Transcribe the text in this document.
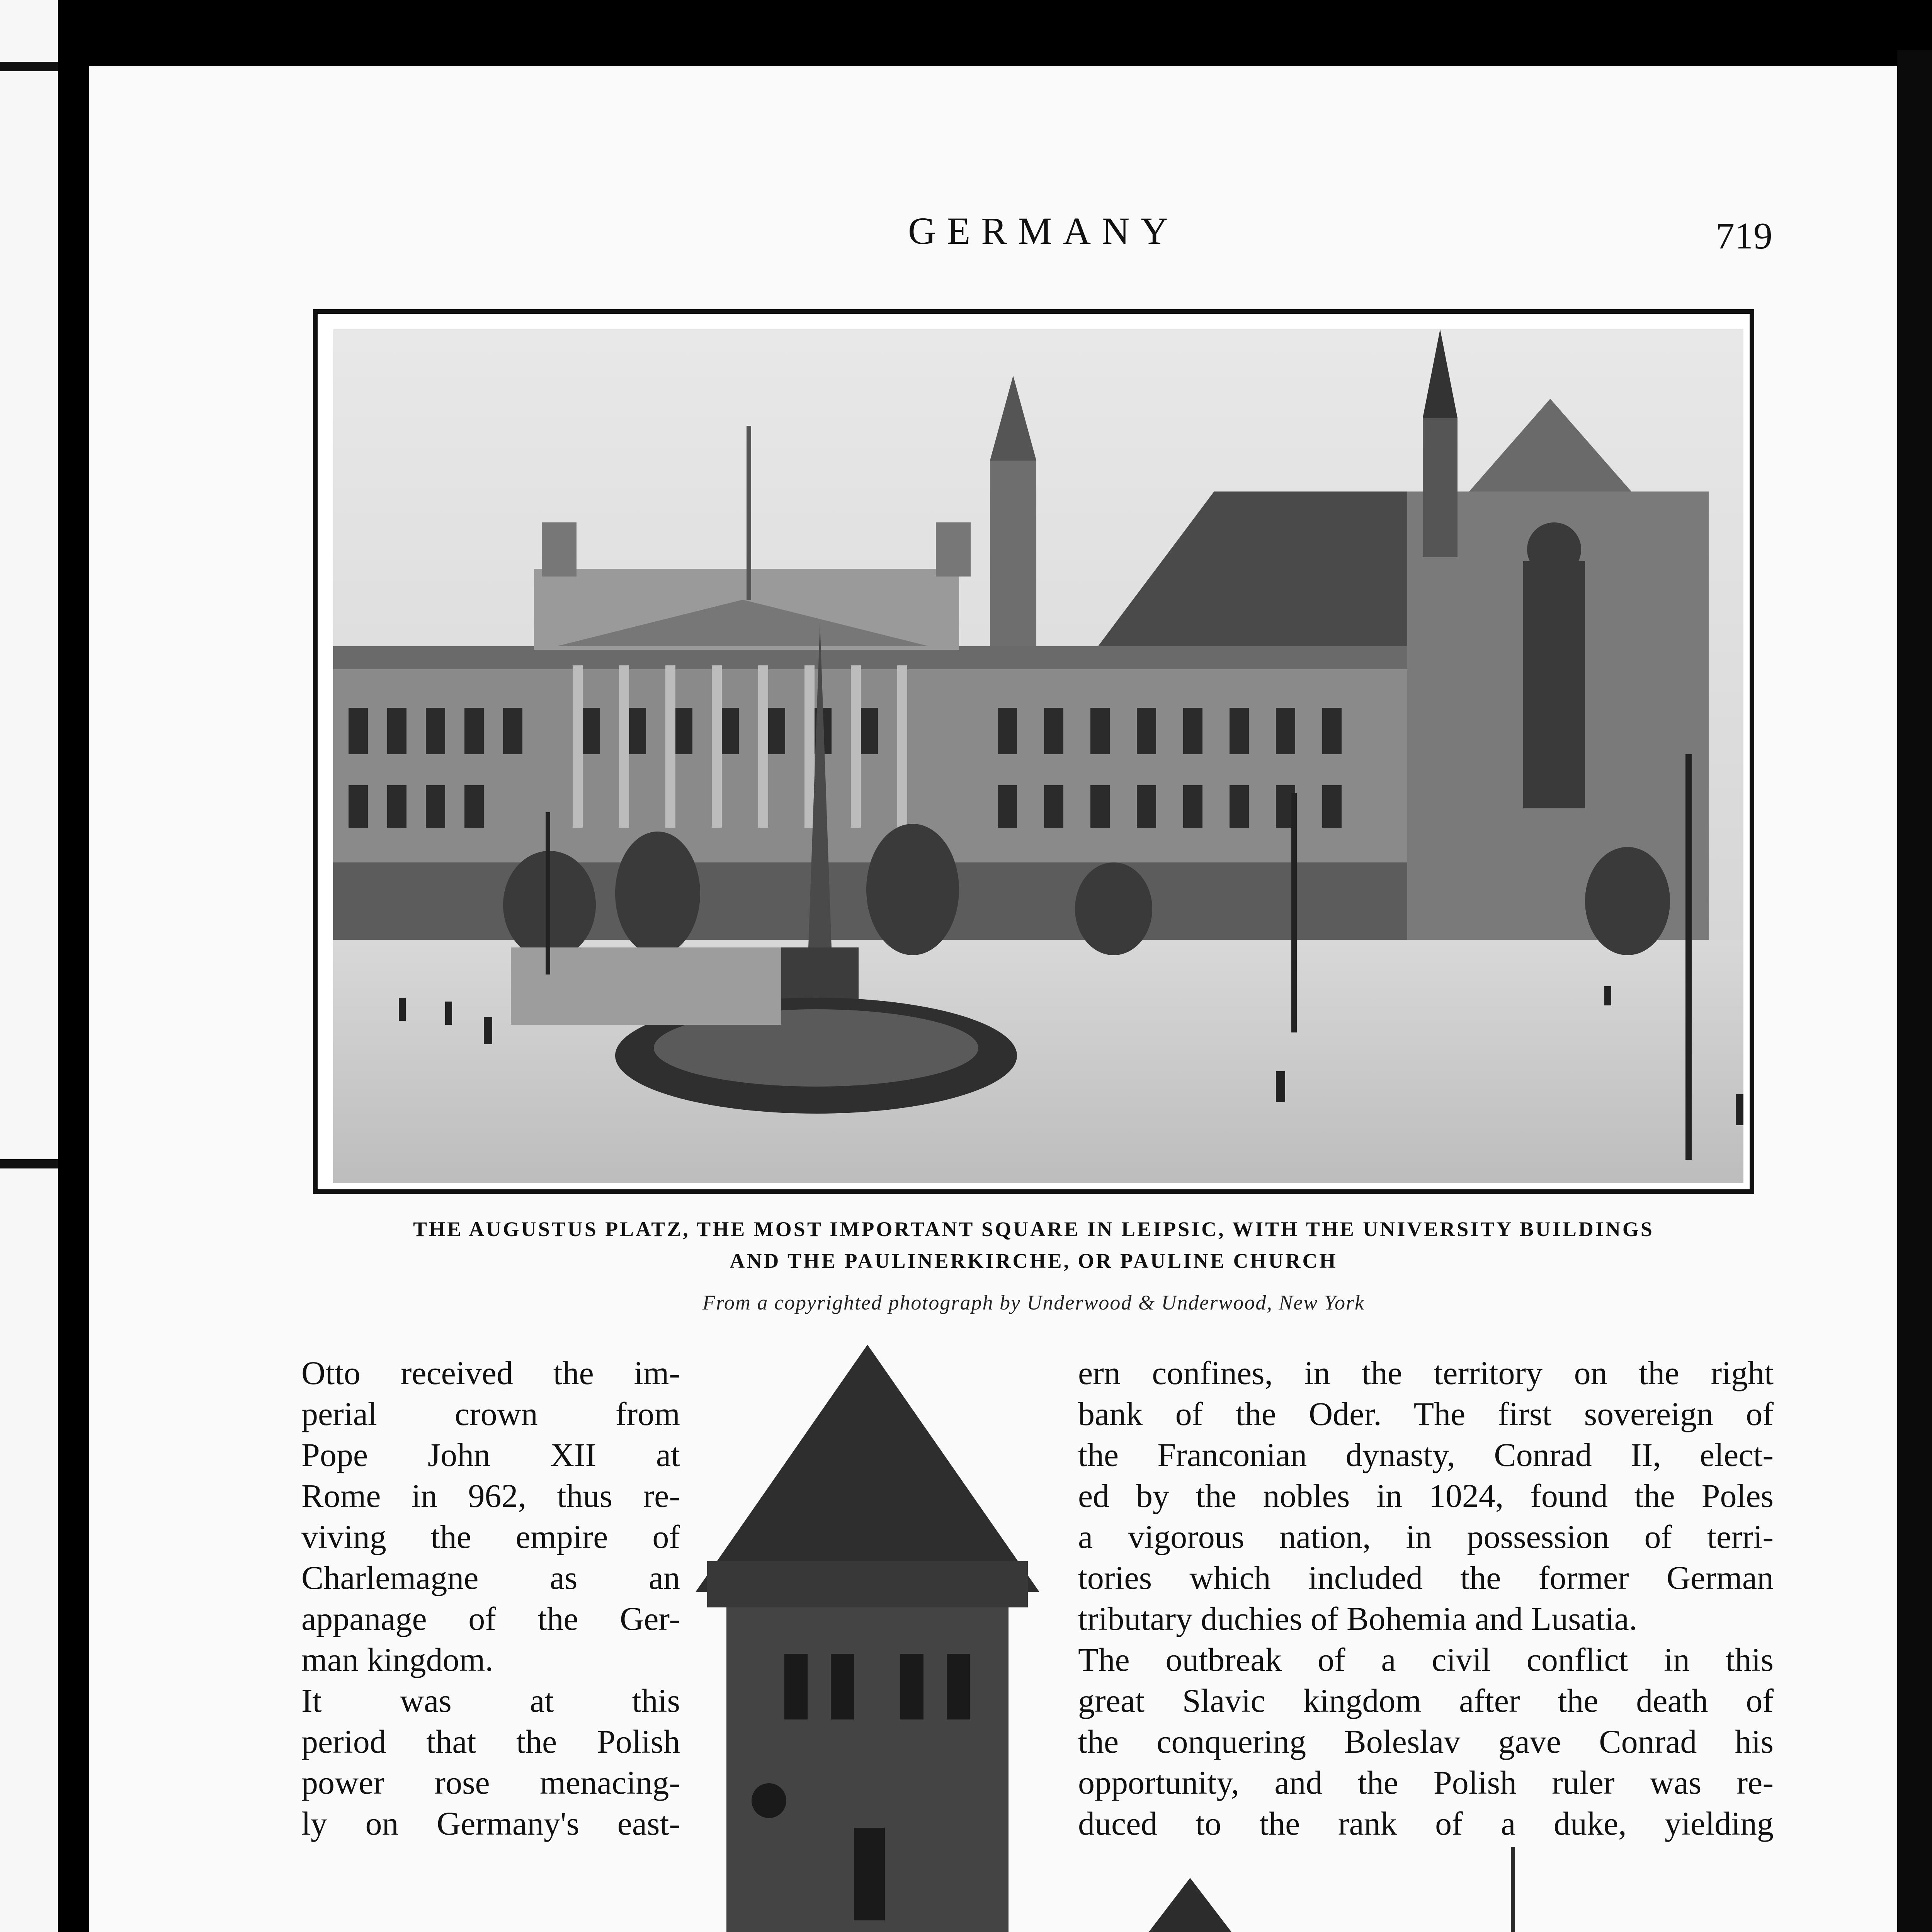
GERMANY	719
THE AUGUSTUS PLATZ, THE MOST IMPORTANT SQUARE IN LEIPSIC, WITH THE UNIVERSITY BUILDINGS
AND THE PAULINERKIRCHE, OR PAULINE CHURCH
From a copyrighted photograph by Underwood & Underwood, New York
Otto received the im-
perial crown from
Pope John XII at
Rome in 962, thus re-
viving the empire of
Charlemagne as an
appanage of the Ger-
man kingdom.
It was at this
period that the Polish
power rose menacing-
ly on Germany's east-
ern confines, in the territory on the right
bank of the Oder. The first sovereign of
the Franconian dynasty, Conrad II, elect-
ed by the nobles in 1024, found the Poles
a vigorous nation, in possession of terri-
tories which included the former German
tributary duchies of Bohemia and Lusatia.
The outbreak of a civil conflict in this
great Slavic kingdom after the death of
the conquering Boleslav gave Conrad his
opportunity, and the Polish ruler was re-
duced to the rank of a duke, yielding
